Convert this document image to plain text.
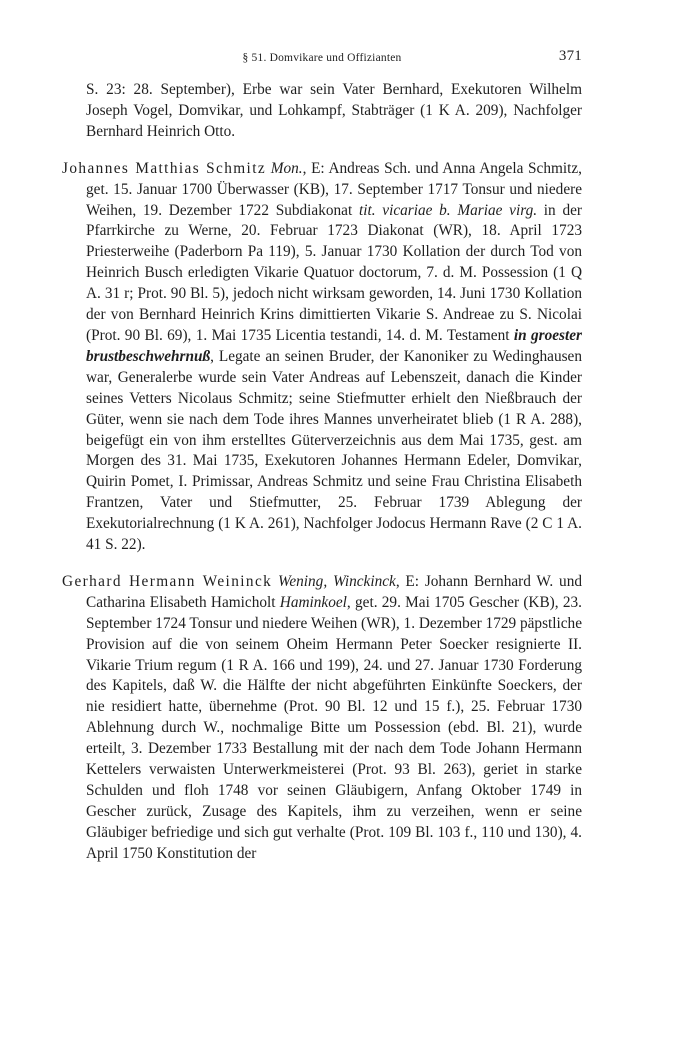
§ 51. Domvikare und Offizianten	371

S. 23: 28. September), Erbe war sein Vater Bernhard, Exekutoren Wilhelm Joseph Vogel, Domvikar, und Lohkampf, Stabträger (1 K A. 209), Nachfolger Bernhard Heinrich Otto.

Johannes Matthias Schmitz Mon., E: Andreas Sch. und Anna Angela Schmitz, get. 15. Januar 1700 Überwasser (KB), 17. September 1717 Tonsur und niedere Weihen, 19. Dezember 1722 Subdiakonat tit. vicariae b. Mariae virg. in der Pfarrkirche zu Werne, 20. Februar 1723 Diakonat (WR), 18. April 1723 Priesterweihe (Paderborn Pa 119), 5. Januar 1730 Kollation der durch Tod von Heinrich Busch erledigten Vikarie Quatuor doctorum, 7. d. M. Possession (1 Q A. 31 r; Prot. 90 Bl. 5), jedoch nicht wirksam geworden, 14. Juni 1730 Kollation der von Bernhard Heinrich Krins dimittierten Vikarie S. Andreae zu S. Nicolai (Prot. 90 Bl. 69), 1. Mai 1735 Licentia testandi, 14. d. M. Testament in groester brustbeschwehrnuß, Legate an seinen Bruder, der Kanoniker zu Wedinghausen war, Generalerbe wurde sein Vater Andreas auf Lebenszeit, danach die Kinder seines Vetters Nicolaus Schmitz; seine Stiefmutter erhielt den Nießbrauch der Güter, wenn sie nach dem Tode ihres Mannes unverheiratet blieb (1 R A. 288), beigefügt ein von ihm erstelltes Güterverzeichnis aus dem Mai 1735, gest. am Morgen des 31. Mai 1735, Exekutoren Johannes Hermann Edeler, Domvikar, Quirin Pomet, I. Primissar, Andreas Schmitz und seine Frau Christina Elisabeth Frantzen, Vater und Stiefmutter, 25. Februar 1739 Ablegung der Exekutorialrechnung (1 K A. 261), Nachfolger Jodocus Hermann Rave (2 C 1 A. 41 S. 22).

Gerhard Hermann Weininck Wening, Winckinck, E: Johann Bernhard W. und Catharina Elisabeth Hamicholt Haminkoel, get. 29. Mai 1705 Gescher (KB), 23. September 1724 Tonsur und niedere Weihen (WR), 1. Dezember 1729 päpstliche Provision auf die von seinem Oheim Hermann Peter Soecker resignierte II. Vikarie Trium regum (1 R A. 166 und 199), 24. und 27. Januar 1730 Forderung des Kapitels, daß W. die Hälfte der nicht abgeführten Einkünfte Soeckers, der nie residiert hatte, übernehme (Prot. 90 Bl. 12 und 15 f.), 25. Februar 1730 Ablehnung durch W., nochmalige Bitte um Possession (ebd. Bl. 21), wurde erteilt, 3. Dezember 1733 Bestallung mit der nach dem Tode Johann Hermann Kettelers verwaisten Unterwerkmeisterei (Prot. 93 Bl. 263), geriet in starke Schulden und floh 1748 vor seinen Gläubigern, Anfang Oktober 1749 in Gescher zurück, Zusage des Kapitels, ihm zu verzeihen, wenn er seine Gläubiger befriedige und sich gut verhalte (Prot. 109 Bl. 103 f., 110 und 130), 4. April 1750 Konstitution der
